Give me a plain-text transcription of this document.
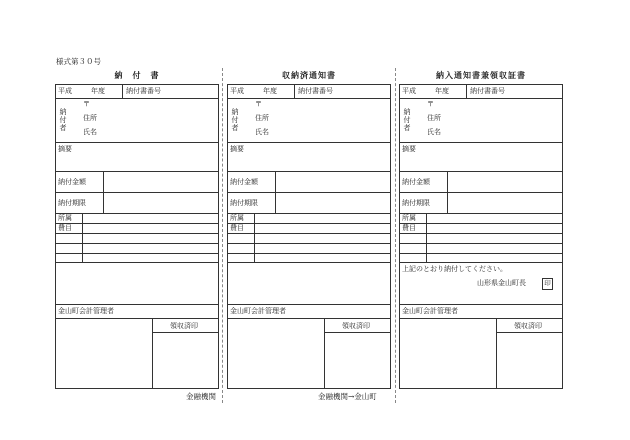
様式第３０号
納　付　書
平成	年度	納付書番号
納
付
者
〒
住所
氏名
摘要
納付金額
納付期限
所属
費目
金山町会計管理者
領収済印
金融機関
収納済通知書
平成	年度	納付書番号
納
付
者
〒
住所
氏名
摘要
納付金額
納付期限
所属
費目
金山町会計管理者
領収済印
金融機関→金山町
納入通知書兼領収証書
平成	年度	納付書番号
納
付
者
〒
住所
氏名
摘要
納付金額
納付期限
所属
費目
上記のとおり納付してください。
山形県金山町長	印
金山町会計管理者
領収済印
